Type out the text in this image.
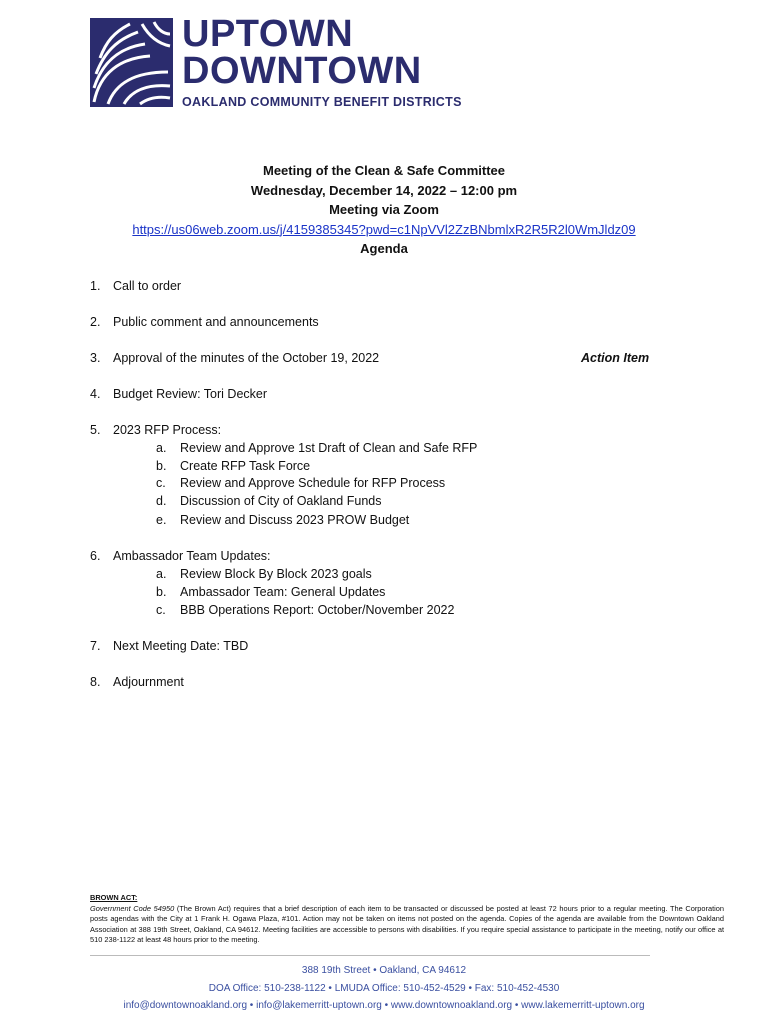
UPTOWN
DOWNTOWN
OAKLAND COMMUNITY BENEFIT DISTRICTS
Meeting of the Clean & Safe Committee
Wednesday, December 14, 2022 – 12:00 pm
Meeting via Zoom
https://us06web.zoom.us/j/4159385345?pwd=c1NpVVl2ZzBNbmlxR2R5R2l0WmJldz09
Agenda
1.	Call to order
2.	Public comment and announcements
3.	Approval of the minutes of the October 19, 2022	Action Item
4.	Budget Review: Tori Decker
5.	2023 RFP Process:
a. Review and Approve 1st Draft of Clean and Safe RFP
b. Create RFP Task Force
c. Review and Approve Schedule for RFP Process
d. Discussion of City of Oakland Funds
e. Review and Discuss 2023 PROW Budget
6.	Ambassador Team Updates:
a. Review Block By Block 2023 goals
b. Ambassador Team: General Updates
c. BBB Operations Report: October/November 2022
7.	Next Meeting Date: TBD
8.	Adjournment
BROWN ACT:
Government Code 54950 (The Brown Act) requires that a brief description of each item to be transacted or discussed be posted at least 72 hours prior to a regular meeting. The Corporation posts agendas with the City at 1 Frank H. Ogawa Plaza, #101. Action may not be taken on items not posted on the agenda. Copies of the agenda are available from the Downtown Oakland Association at 388 19th Street, Oakland, CA 94612. Meeting facilities are accessible to persons with disabilities. If you require special assistance to participate in the meeting, notify our office at 510 238-1122 at least 48 hours prior to the meeting.
388 19th Street • Oakland, CA 94612
DOA Office: 510-238-1122 • LMUDA Office: 510-452-4529 • Fax: 510-452-4530
info@downtownoakland.org • info@lakemerritt-uptown.org • www.downtownoakland.org • www.lakemerritt-uptown.org
